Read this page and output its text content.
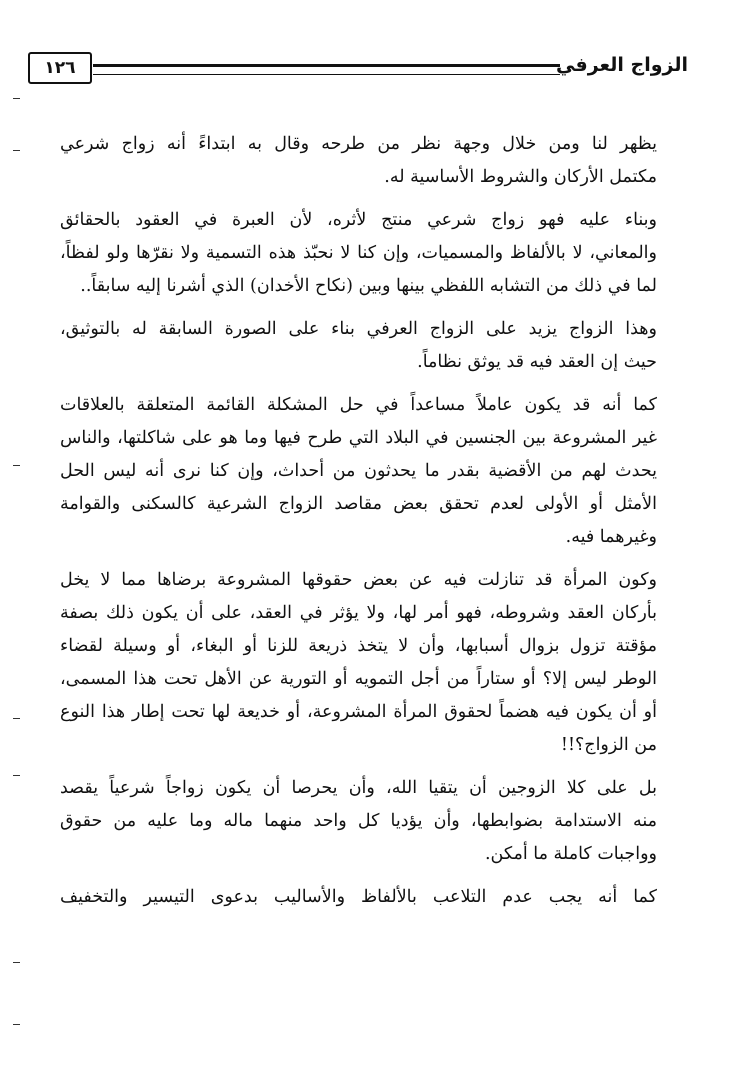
١٢٦	الزواج العرفي
يظهر لنا ومن خلال وجهة نظر من طرحه وقال به ابتداءً أنه زواج شرعي
مكتمل الأركان والشروط الأساسية له.
وبناء عليه فهو زواج شرعي منتج لأثره، لأن العبرة في العقود بالحقائق
والمعاني، لا بالألفاظ والمسميات، وإن كنا لا نحبّذ هذه التسمية ولا نقرّها ولو لفظاً،
لما في ذلك من التشابه اللفظي بينها وبين (نكاح الأخدان) الذي أشرنا إليه سابقاً..
وهذا الزواج يزيد على الزواج العرفي بناء على الصورة السابقة له بالتوثيق،
حيث إن العقد فيه قد يوثق نظاماً.
كما أنه قد يكون عاملاً مساعداً في حل المشكلة القائمة المتعلقة بالعلاقات
غير المشروعة بين الجنسين في البلاد التي طرح فيها وما هو على شاكلتها، والناس
يحدث لهم من الأقضية بقدر ما يحدثون من أحداث، وإن كنا نرى أنه ليس الحل
الأمثل أو الأولى لعدم تحقق بعض مقاصد الزواج الشرعية كالسكنى والقوامة
وغيرهما فيه.
وكون المرأة قد تنازلت فيه عن بعض حقوقها المشروعة برضاها مما لا يخل
بأركان العقد وشروطه، فهو أمر لها، ولا يؤثر في العقد، على أن يكون ذلك بصفة
مؤقتة تزول بزوال أسبابها، وأن لا يتخذ ذريعة للزنا أو البغاء، أو وسيلة لقضاء
الوطر ليس إلا؟ أو ستاراً من أجل التمويه أو التورية عن الأهل تحت هذا المسمى،
أو أن يكون فيه هضماً لحقوق المرأة المشروعة، أو خديعة لها تحت إطار هذا النوع
من الزواج؟!!
بل على كلا الزوجين أن يتقيا الله، وأن يحرصا أن يكون زواجاً شرعياً يقصد
منه الاستدامة بضوابطها، وأن يؤديا كل واحد منهما ماله وما عليه من حقوق
وواجبات كاملة ما أمكن.
كما أنه يجب عدم التلاعب بالألفاظ والأساليب بدعوى التيسير والتخفيف
